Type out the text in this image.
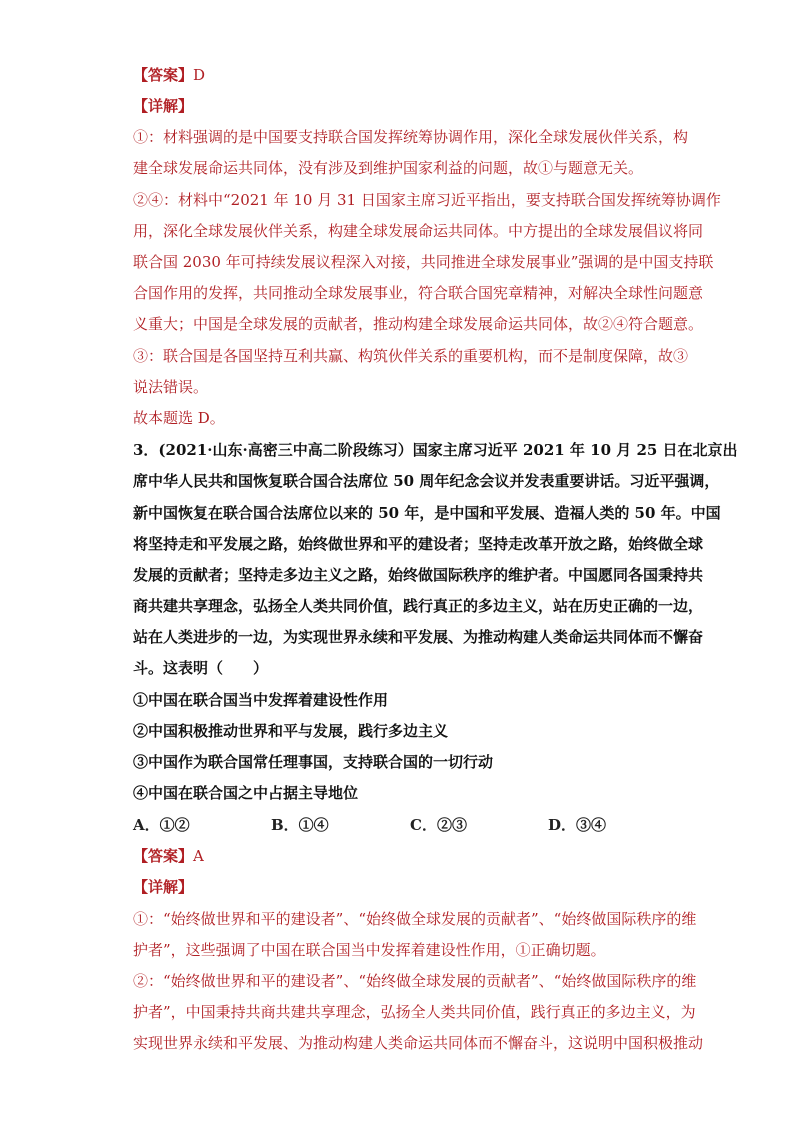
【答案】D
【详解】
①：材料强调的是中国要支持联合国发挥统筹协调作用，深化全球发展伙伴关系，构
建全球发展命运共同体，没有涉及到维护国家利益的问题，故①与题意无关。
②④：材料中“2021 年 10 月 31 日国家主席习近平指出，要支持联合国发挥统筹协调作
用，深化全球发展伙伴关系，构建全球发展命运共同体。中方提出的全球发展倡议将同
联合国 2030 年可持续发展议程深入对接，共同推进全球发展事业”强调的是中国支持联
合国作用的发挥，共同推动全球发展事业，符合联合国宪章精神，对解决全球性问题意
义重大；中国是全球发展的贡献者，推动构建全球发展命运共同体，故②④符合题意。
③：联合国是各国坚持互利共赢、构筑伙伴关系的重要机构，而不是制度保障，故③
说法错误。
故本题选 D。
3．(2021·山东·高密三中高二阶段练习）国家主席习近平 2021 年 10 月 25 日在北京出
席中华人民共和国恢复联合国合法席位 50 周年纪念会议并发表重要讲话。习近平强调，
新中国恢复在联合国合法席位以来的 50 年，是中国和平发展、造福人类的 50 年。中国
将坚持走和平发展之路，始终做世界和平的建设者；坚持走改革开放之路，始终做全球
发展的贡献者；坚持走多边主义之路，始终做国际秩序的维护者。中国愿同各国秉持共
商共建共享理念，弘扬全人类共同价值，践行真正的多边主义，站在历史正确的一边，
站在人类进步的一边，为实现世界永续和平发展、为推动构建人类命运共同体而不懈奋
斗。这表明（　　）
①中国在联合国当中发挥着建设性作用
②中国积极推动世界和平与发展，践行多边主义
③中国作为联合国常任理事国，支持联合国的一切行动
④中国在联合国之中占据主导地位
A．①②	B．①④	C．②③	D．③④
【答案】A
【详解】
①：“始终做世界和平的建设者”、“始终做全球发展的贡献者”、“始终做国际秩序的维
护者”，这些强调了中国在联合国当中发挥着建设性作用，①正确切题。
②：“始终做世界和平的建设者”、“始终做全球发展的贡献者”、“始终做国际秩序的维
护者”，中国秉持共商共建共享理念，弘扬全人类共同价值，践行真正的多边主义，为
实现世界永续和平发展、为推动构建人类命运共同体而不懈奋斗，这说明中国积极推动
